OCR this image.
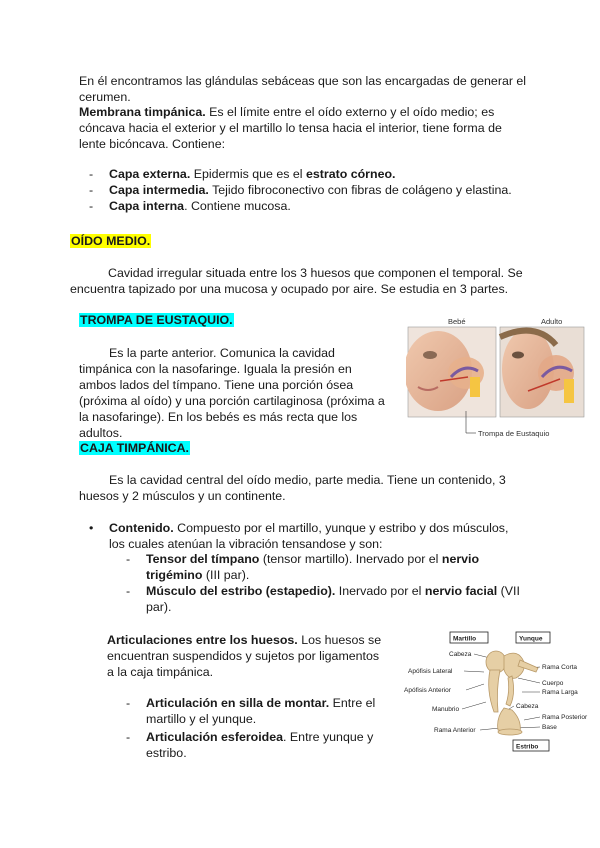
En él encontramos las glándulas sebáceas que son las encargadas de generar el cerumen.

Membrana timpánica. Es el límite entre el oído externo y el oído medio; es cóncava hacia el exterior y el martillo lo tensa hacia el interior, tiene forma de lente bicóncava. Contiene:

- Capa externa. Epidermis que es el estrato córneo.
- Capa intermedia. Tejido fibroconectivo con fibras de colágeno y elastina.
- Capa interna. Contiene mucosa.

OÍDO MEDIO.

Cavidad irregular situada entre los 3 huesos que componen el temporal. Se encuentra tapizado por una mucosa y ocupado por aire. Se estudia en 3 partes.

TROMPA DE EUSTAQUIO.

Es la parte anterior. Comunica la cavidad timpánica con la nasofaringe. Iguala la presión en ambos lados del tímpano. Tiene una porción ósea (próxima al oído) y una porción cartilaginosa (próxima a la nasofaringe). En los bebés es más recta que los adultos.

Bebé	Adulto
Trompa de Eustaquio

CAJA TIMPÁNICA.

Es la cavidad central del oído medio, parte media. Tiene un contenido, 3 huesos y 2 músculos y un continente.

• Contenido. Compuesto por el martillo, yunque y estribo y dos músculos, los cuales atenúan la vibración tensandose y son:
- Tensor del tímpano (tensor martillo). Inervado por el nervio trigémino (III par).
- Músculo del estribo (estapedio). Inervado por el nervio facial (VII par).

Articulaciones entre los huesos. Los huesos se encuentran suspendidos y sujetos por ligamentos a la caja timpánica.

- Articulación en silla de montar. Entre el martillo y el yunque.
- Articulación esferoidea. Entre yunque y estribo.
Martillo	Yunque
Estribo
Cabeza
Apófisis Lateral
Apófisis Anterior
Manubrio
Rama Anterior
Rama Corta
Cuerpo
Rama Larga
Cabeza
Rama Posterior
Base
